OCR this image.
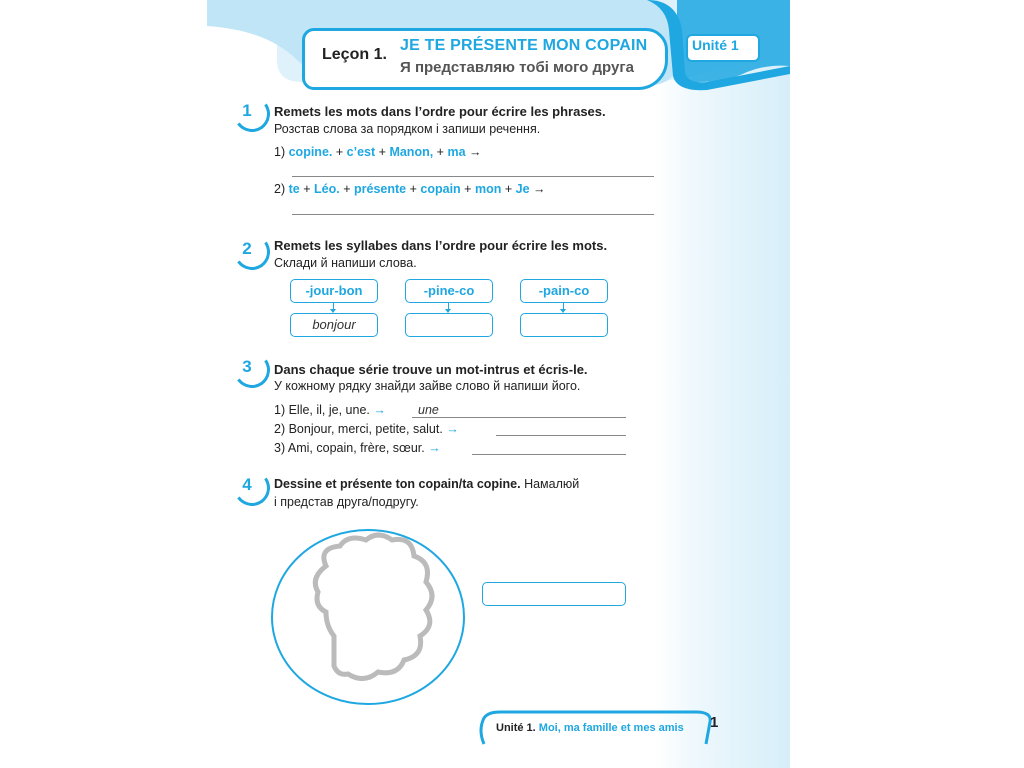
Leçon 1.
JE TE PRÉSENTE MON COPAIN
Я представляю тобі мого друга
Unité 1
1	Remets les mots dans l’ordre pour écrire les phrases.
Розстав слова за порядком і запиши речення.
1) copine. + c’est + Manon, + ma →
2) te + Léo. + présente + copain + mon + Je →
2	Remets les syllabes dans l’ordre pour écrire les mots.
Склади й напиши слова.
-jour-bon	-pine-co	-pain-co
bonjour
3	Dans chaque série trouve un mot-intrus et écris-le.
У кожному рядку знайди зайве слово й напиши його.
1) Elle, il, je, une. →	une
2) Bonjour, merci, petite, salut. →
3) Ami, copain, frère, sœur. →
4	Dessine et présente ton copain/ta copine. Намалюй
і представ друга/подругу.
Unité 1. Moi, ma famille et mes amis 1
